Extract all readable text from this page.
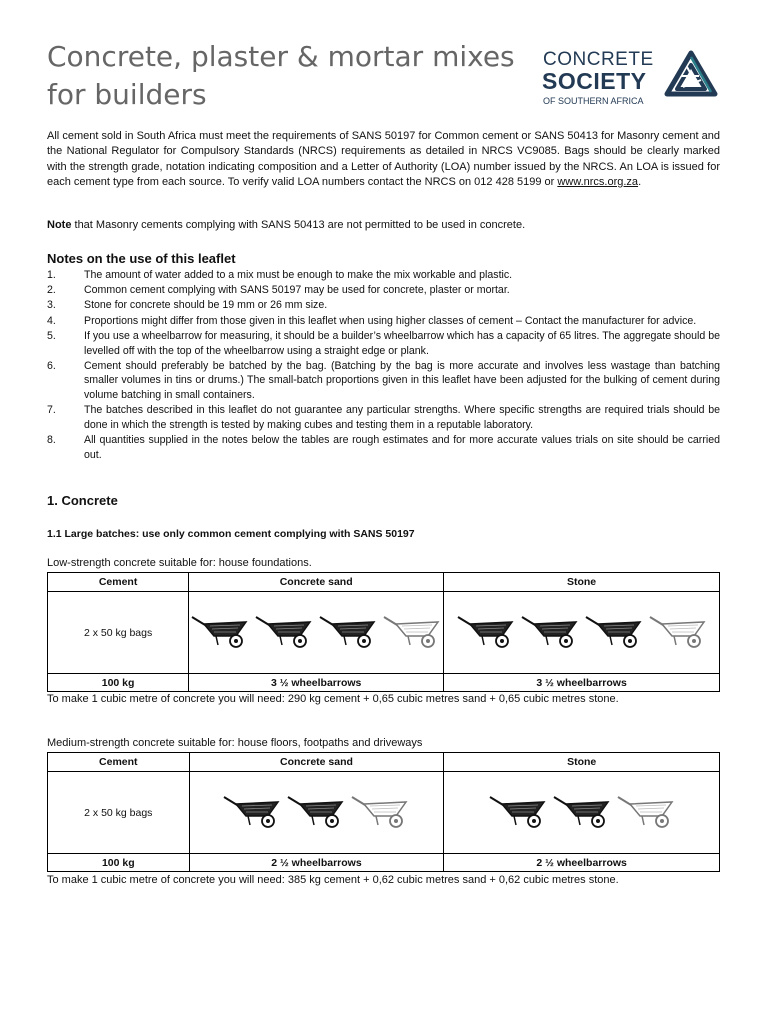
Concrete, plaster & mortar mixes
for builders
CONCRETE
SOCIETY
OF SOUTHERN AFRICA
All cement sold in South Africa must meet the requirements of SANS 50197 for Common cement or SANS 50413 for Masonry cement and the National Regulator for Compulsory Standards (NRCS) requirements as detailed in NRCS VC9085. Bags should be clearly marked with the strength grade, notation indicating composition and a Letter of Authority (LOA) number issued by the NRCS. An LOA is issued for each cement type from each source. To verify valid LOA numbers contact the NRCS on 012 428 5199 or www.nrcs.org.za.
Note that Masonry cements complying with SANS 50413 are not permitted to be used in concrete.
Notes on the use of this leaflet
1.	The amount of water added to a mix must be enough to make the mix workable and plastic.
2.	Common cement complying with SANS 50197 may be used for concrete, plaster or mortar.
3.	Stone for concrete should be 19 mm or 26 mm size.
4.	Proportions might differ from those given in this leaflet when using higher classes of cement – Contact the manufacturer for advice.
5.	If you use a wheelbarrow for measuring, it should be a builder’s wheelbarrow which has a capacity of 65 litres. The aggregate should be levelled off with the top of the wheelbarrow using a straight edge or plank.
6.	Cement should preferably be batched by the bag. (Batching by the bag is more accurate and involves less wastage than batching smaller volumes in tins or drums.) The small-batch proportions given in this leaflet have been adjusted for the bulking of cement during volume batching in small containers.
7.	The batches described in this leaflet do not guarantee any particular strengths. Where specific strengths are required trials should be done in which the strength is tested by making cubes and testing them in a reputable laboratory.
8.	All quantities supplied in the notes below the tables are rough estimates and for more accurate values trials on site should be carried out.
1. Concrete
1.1 Large batches: use only common cement complying with SANS 50197
Low-strength concrete suitable for: house foundations.
Cement	Concrete sand	Stone
2 x 50 kg bags	

100 kg	3 ½ wheelbarrows	3 ½ wheelbarrows
To make 1 cubic metre of concrete you will need: 290 kg cement + 0,65 cubic metres sand + 0,65 cubic metres stone.
Medium-strength concrete suitable for: house floors, footpaths and driveways
Cement	Concrete sand	Stone
2 x 50 kg bags	

100 kg	2 ½ wheelbarrows	2 ½ wheelbarrows
To make 1 cubic metre of concrete you will need: 385 kg cement + 0,62 cubic metres sand + 0,62 cubic metres stone.
